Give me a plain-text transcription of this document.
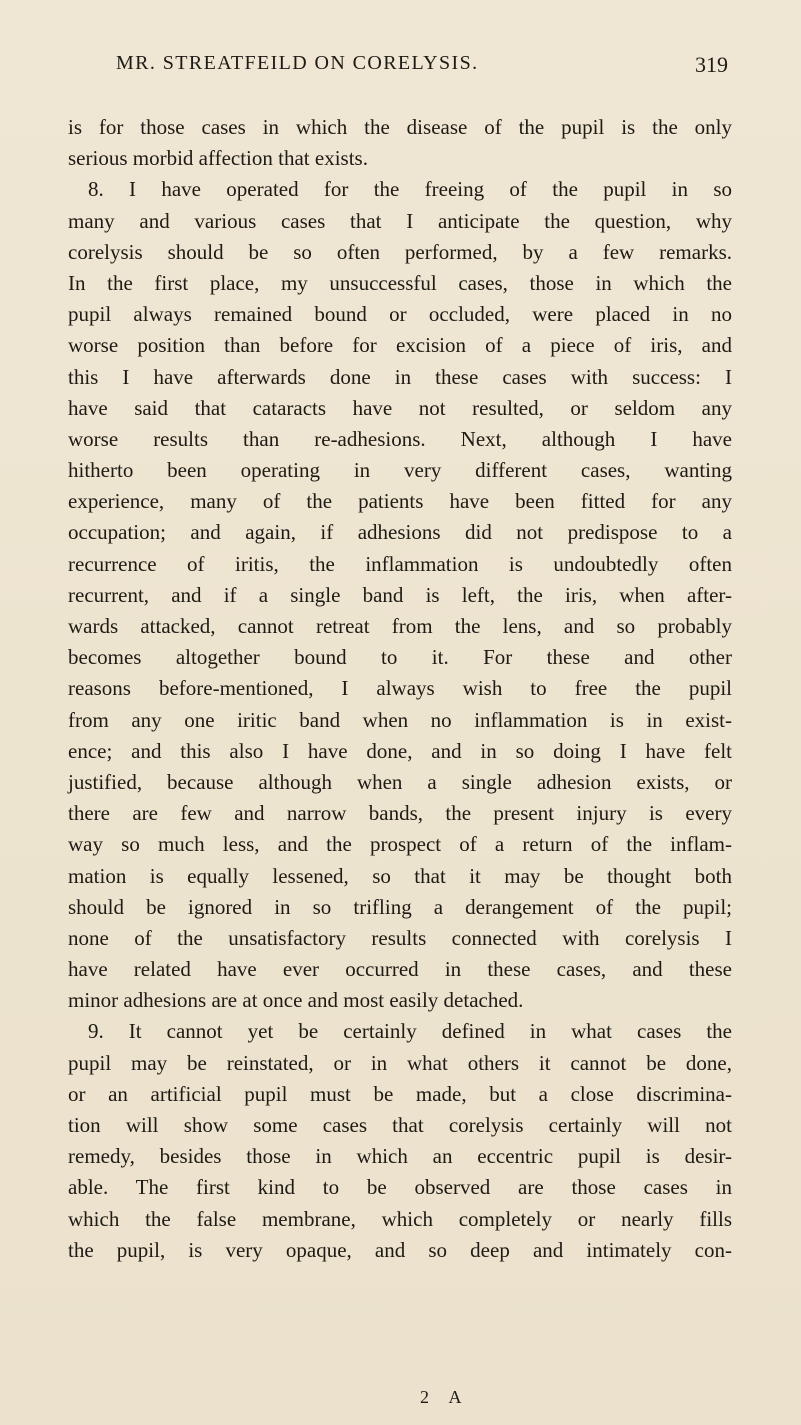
MR. STREATFEILD ON CORELYSIS.	319
is for those cases in which the disease of the pupil is the only
serious morbid affection that exists.
8. I have operated for the freeing of the pupil in so
many and various cases that I anticipate the question, why
corelysis should be so often performed, by a few remarks.
In the first place, my unsuccessful cases, those in which the
pupil always remained bound or occluded, were placed in no
worse position than before for excision of a piece of iris, and
this I have afterwards done in these cases with success: I
have said that cataracts have not resulted, or seldom any
worse results than re-adhesions. Next, although I have
hitherto been operating in very different cases, wanting
experience, many of the patients have been fitted for any
occupation; and again, if adhesions did not predispose to a
recurrence of iritis, the inflammation is undoubtedly often
recurrent, and if a single band is left, the iris, when after-
wards attacked, cannot retreat from the lens, and so probably
becomes altogether bound to it. For these and other
reasons before-mentioned, I always wish to free the pupil
from any one iritic band when no inflammation is in exist-
ence; and this also I have done, and in so doing I have felt
justified, because although when a single adhesion exists, or
there are few and narrow bands, the present injury is every
way so much less, and the prospect of a return of the inflam-
mation is equally lessened, so that it may be thought both
should be ignored in so trifling a derangement of the pupil;
none of the unsatisfactory results connected with corelysis I
have related have ever occurred in these cases, and these
minor adhesions are at once and most easily detached.
9. It cannot yet be certainly defined in what cases the
pupil may be reinstated, or in what others it cannot be done,
or an artificial pupil must be made, but a close discrimina-
tion will show some cases that corelysis certainly will not
remedy, besides those in which an eccentric pupil is desir-
able. The first kind to be observed are those cases in
which the false membrane, which completely or nearly fills
the pupil, is very opaque, and so deep and intimately con-
2 A
